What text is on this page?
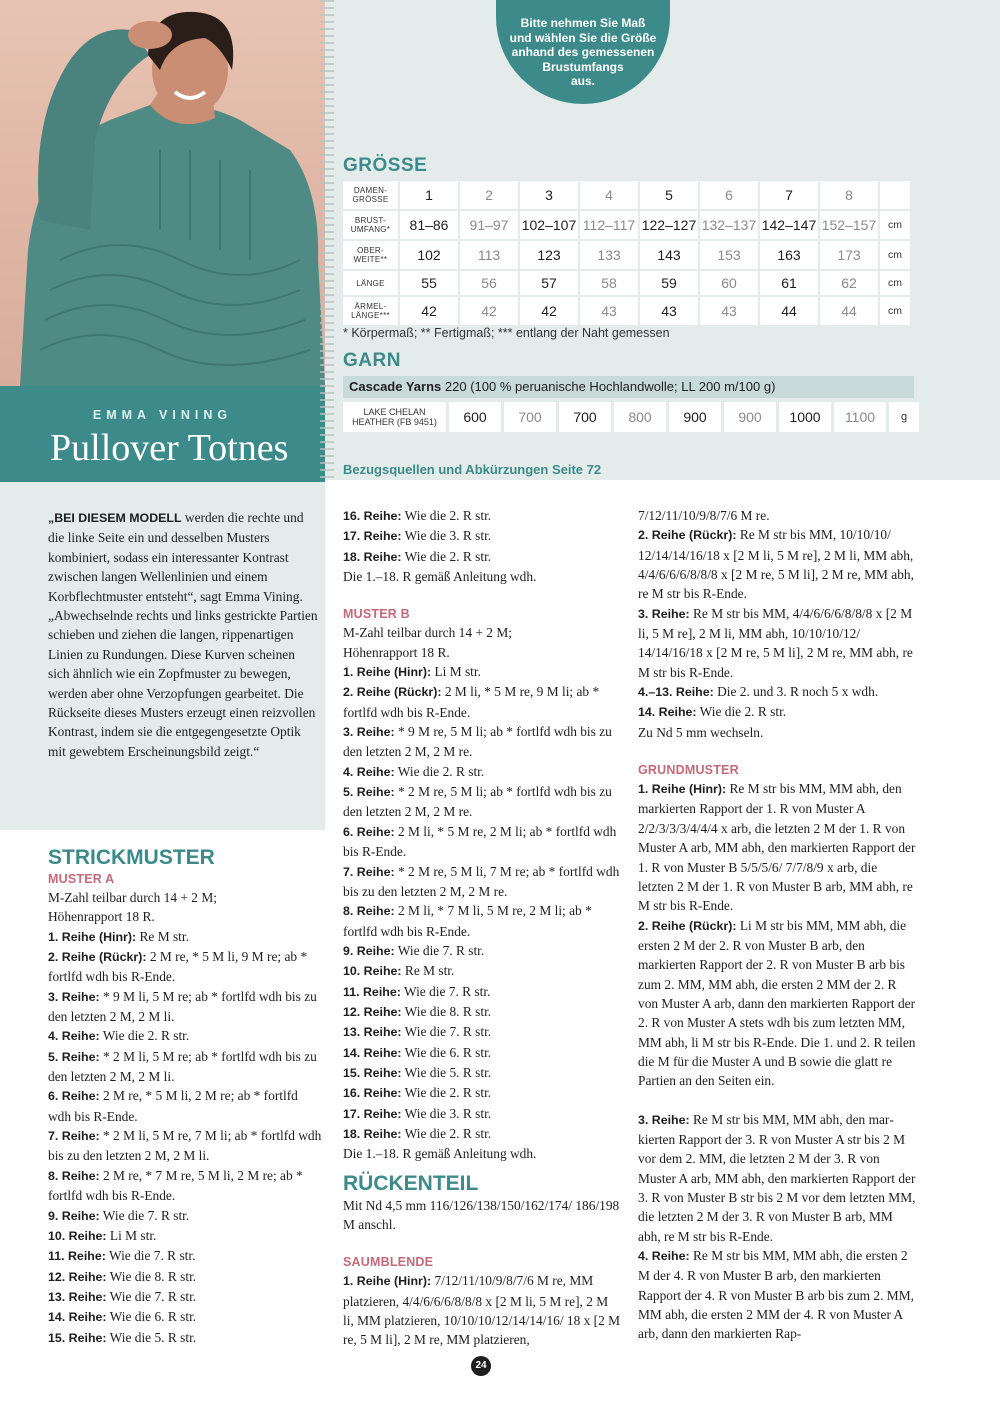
EMMA VINING
Pullover Totnes
Bitte nehmen Sie Maß
und wählen Sie die Größe
anhand des gemessenen
Brustumfangs
aus.
GRÖSSE
DAMEN-
GRÖSSE	1	2	3	4	5	6	7	8
BRUST-
UMFANG*	81–86	91–97 102–107 112–117 122–127 132–137 142–147 152–157	cm
OBER-
WEITE**	102	113	123	133	143	153	163	173	cm
LÄNGE	55	56	57	58	59	60	61	62	cm
ÄRMEL-
LÄNGE***	42	42	42	43	43	43	44	44	cm
* Körpermaß; ** Fertigmaß; *** entlang der Naht gemessen
GARN
Cascade Yarns 220 (100 % peruanische Hochlandwolle; LL 200 m/100 g)
LAKE CHELAN
HEATHER (FB 9451)	600	700	700	800	900	900	1000	1100	g
Bezugsquellen und Abkürzungen Seite 72
„BEI DIESEM MODELL werden die rechte und die linke Seite ein und desselben Musters kombiniert, sodass ein interessanter Kontrast zwischen langen Wellenlinien und einem Korbflechtmuster entsteht“, sagt Emma Vining. „Abwechselnde rechts und links gestrickte Partien schieben und ziehen die langen, rippenartigen Linien zu Rundungen. Diese Kurven scheinen sich ähnlich wie ein Zopfmuster zu bewegen, werden aber ohne Verzopfungen gearbeitet. Die Rückseite dieses Musters erzeugt einen reizvollen Kontrast, indem sie die entgegengesetzte Optik mit gewebtem Erscheinungsbild zeigt.“

STRICKMUSTER

MUSTER A

M-Zahl teilbar durch 14 + 2 M;

Höhenrapport 18 R.

1. Reihe (Hinr): Re M str.

2. Reihe (Rückr): 2 M re, * 5 M li, 9 M re; ab * fortlfd wdh bis R-Ende.

3. Reihe: * 9 M li, 5 M re; ab * fortlfd wdh bis zu den letzten 2 M, 2 M li.

4. Reihe: Wie die 2. R str.

5. Reihe: * 2 M li, 5 M re; ab * fortlfd wdh bis zu den letzten 2 M, 2 M li.

6. Reihe: 2 M re, * 5 M li, 2 M re; ab * fortlfd wdh bis R-Ende.

7. Reihe: * 2 M li, 5 M re, 7 M li; ab * fortlfd wdh bis zu den letzten 2 M, 2 M li.

8. Reihe: 2 M re, * 7 M re, 5 M li, 2 M re; ab * fortlfd wdh bis R-Ende.

9. Reihe: Wie die 7. R str.

10. Reihe: Li M str.

11. Reihe: Wie die 7. R str.

12. Reihe: Wie die 8. R str.

13. Reihe: Wie die 7. R str.

14. Reihe: Wie die 6. R str.

15. Reihe: Wie die 5. R str.

16. Reihe: Wie die 2. R str.

17. Reihe: Wie die 3. R str.

18. Reihe: Wie die 2. R str.

Die 1.–18. R gemäß Anleitung wdh.

MUSTER B

M-Zahl teilbar durch 14 + 2 M;

Höhenrapport 18 R.

1. Reihe (Hinr): Li M str.

2. Reihe (Rückr): 2 M li, * 5 M re, 9 M li; ab * fortlfd wdh bis R-Ende.

3. Reihe: * 9 M re, 5 M li; ab * fortlfd wdh bis zu den letzten 2 M, 2 M re.

4. Reihe: Wie die 2. R str.

5. Reihe: * 2 M re, 5 M li; ab * fortlfd wdh bis zu den letzten 2 M, 2 M re.

6. Reihe: 2 M li, * 5 M re, 2 M li; ab * fortlfd wdh bis R-Ende.

7. Reihe: * 2 M re, 5 M li, 7 M re; ab * fortlfd wdh bis zu den letzten 2 M, 2 M re.

8. Reihe: 2 M li, * 7 M li, 5 M re, 2 M li; ab * fortlfd wdh bis R-Ende.

9. Reihe: Wie die 7. R str.

10. Reihe: Re M str.

11. Reihe: Wie die 7. R str.

12. Reihe: Wie die 8. R str.

13. Reihe: Wie die 7. R str.

14. Reihe: Wie die 6. R str.

15. Reihe: Wie die 5. R str.

16. Reihe: Wie die 2. R str.

17. Reihe: Wie die 3. R str.

18. Reihe: Wie die 2. R str.

Die 1.–18. R gemäß Anleitung wdh.

RÜCKENTEIL

Mit Nd 4,5 mm 116/126/138/150/162/174/ 186/198 M anschl.

SAUMBLENDE

1. Reihe (Hinr): 7/12/11/10/9/8/7/6 M re, MM platzieren, 4/4/6/6/6/8/8/8 x [2 M li, 5 M re], 2 M li, MM platzieren, 10/10/10/12/14/14/16/ 18 x [2 M re, 5 M li], 2 M re, MM platzieren,

7/12/11/10/9/8/7/6 M re.

2. Reihe (Rückr): Re M str bis MM, 10/10/10/ 12/14/14/16/18 x [2 M li, 5 M re], 2 M li, MM abh, 4/4/6/6/6/8/8/8 x [2 M re, 5 M li], 2 M re, MM abh, re M str bis R-Ende.

3. Reihe: Re M str bis MM, 4/4/6/6/6/8/8/8 x [2 M li, 5 M re], 2 M li, MM abh, 10/10/10/12/ 14/14/16/18 x [2 M re, 5 M li], 2 M re, MM abh, re M str bis R-Ende.

4.–13. Reihe: Die 2. und 3. R noch 5 x wdh.

14. Reihe: Wie die 2. R str.

Zu Nd 5 mm wechseln.

GRUNDMUSTER

1. Reihe (Hinr): Re M str bis MM, MM abh, den markierten Rapport der 1. R von Muster A 2/2/3/3/3/4/4/4 x arb, die letzten 2 M der 1. R von Muster A arb, MM abh, den markierten Rapport der 1. R von Muster B 5/5/5/6/ 7/7/8/9 x arb, die letzten 2 M der 1. R von Muster B arb, MM abh, re M str bis R-Ende.

2. Reihe (Rückr): Li M str bis MM, MM abh, die ersten 2 M der 2. R von Muster B arb, den markierten Rapport der 2. R von Muster B arb bis zum 2. MM, MM abh, die ersten 2 MM der 2. R von Muster A arb, dann den markierten Rapport der 2. R von Muster A stets wdh bis zum letzten MM, MM abh, li M str bis R-Ende. Die 1. und 2. R teilen die M für die Muster A und B sowie die glatt re Partien an den Seiten ein.

3. Reihe: Re M str bis MM, MM abh, den markierten Rapport der 3. R von Muster A str bis 2 M vor dem 2. MM, die letzten 2 M der 3. R von Muster A arb, MM abh, den markierten Rapport der 3. R von Muster B str bis 2 M vor dem letzten MM, die letzten 2 M der 3. R von Muster B arb, MM abh, re M str bis R-Ende.

4. Reihe: Re M str bis MM, MM abh, die ersten 2 M der 4. R von Muster B arb, den markierten Rapport der 4. R von Muster B arb bis zum 2. MM, MM abh, die ersten 2 MM der 4. R von Muster A arb, dann den markierten Rap-

24
